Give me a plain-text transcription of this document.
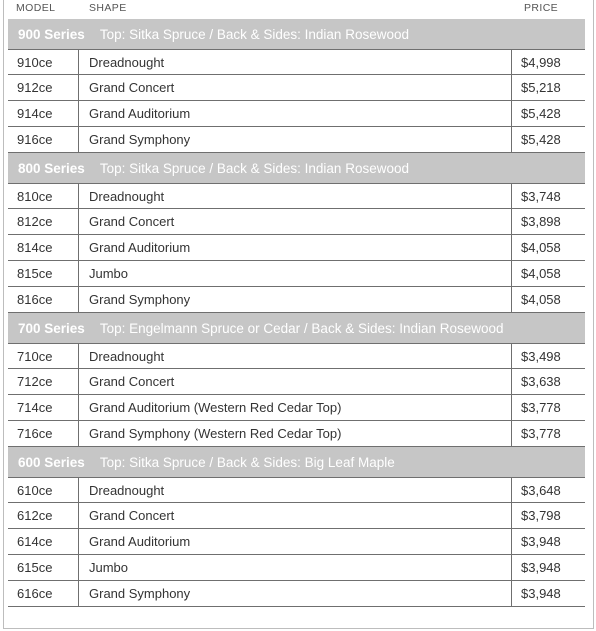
MODEL	SHAPE	PRICE
900 Series	Top: Sitka Spruce / Back & Sides: Indian Rosewood
910ce	Dreadnought	$4,998
912ce	Grand Concert	$5,218
914ce	Grand Auditorium	$5,428
916ce	Grand Symphony	$5,428
800 Series	Top: Sitka Spruce / Back & Sides: Indian Rosewood
810ce	Dreadnought	$3,748
812ce	Grand Concert	$3,898
814ce	Grand Auditorium	$4,058
815ce	Jumbo	$4,058
816ce	Grand Symphony	$4,058
700 Series	Top: Engelmann Spruce or Cedar / Back & Sides: Indian Rosewood
710ce	Dreadnought	$3,498
712ce	Grand Concert	$3,638
714ce	Grand Auditorium (Western Red Cedar Top)	$3,778
716ce	Grand Symphony (Western Red Cedar Top)	$3,778
600 Series	Top: Sitka Spruce / Back & Sides: Big Leaf Maple
610ce	Dreadnought	$3,648
612ce	Grand Concert	$3,798
614ce	Grand Auditorium	$3,948
615ce	Jumbo	$3,948
616ce	Grand Symphony	$3,948
